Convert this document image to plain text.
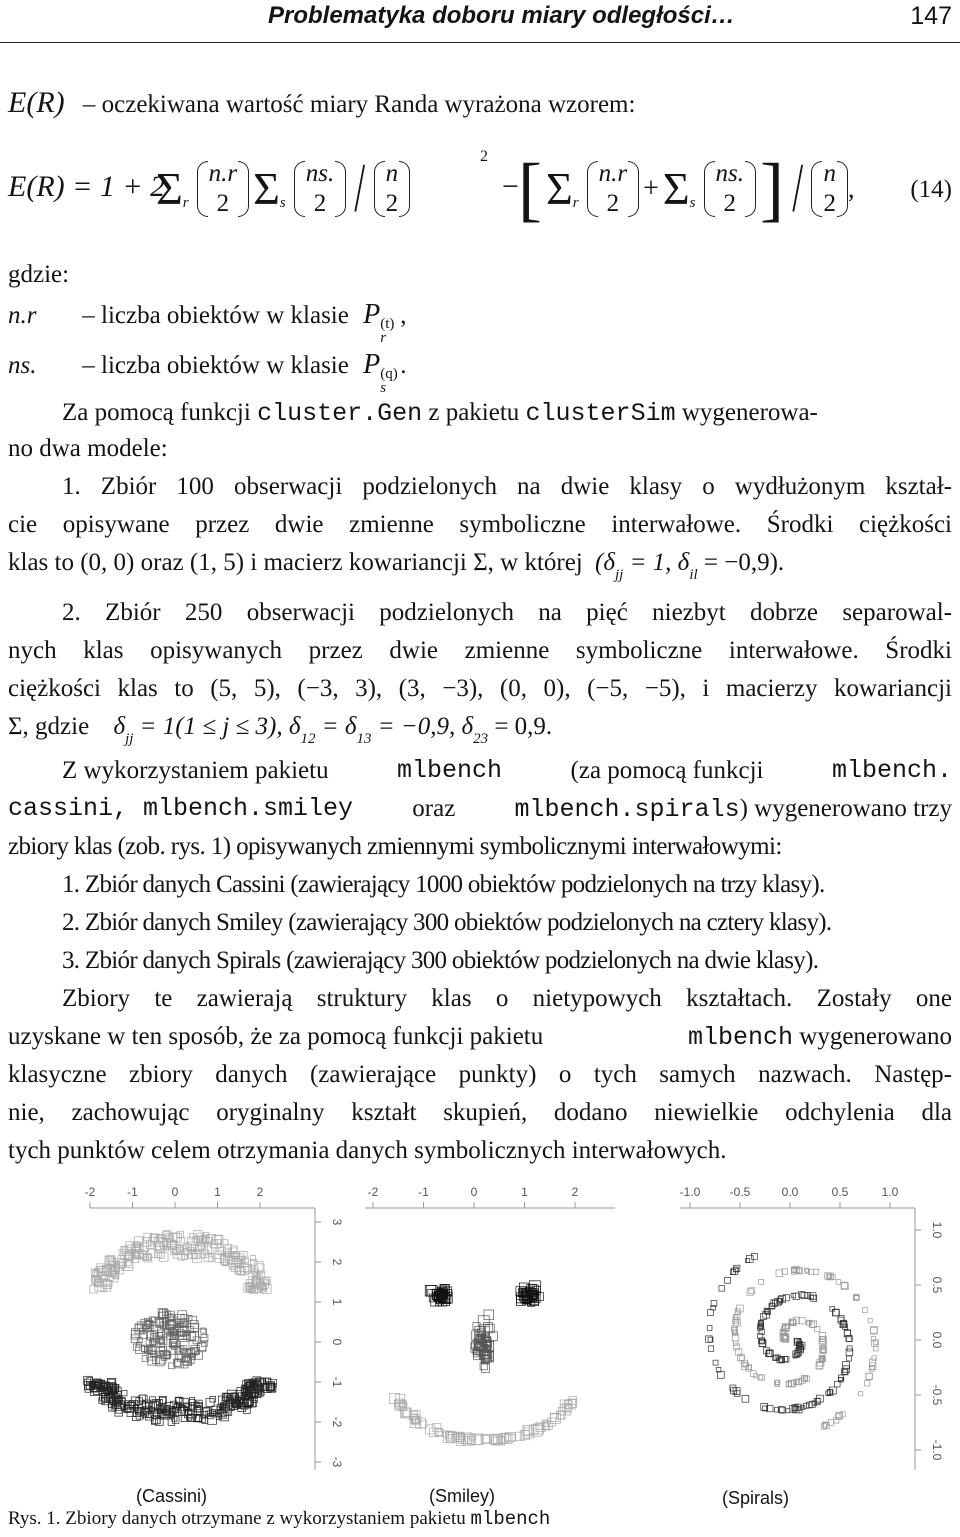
Problematyka doboru miary odległości…	147
E(R) – oczekiwana wartość miary Randa wyrażona wzorem:
E(R) = 1 + 2
Σr
n.r
2 Σs
ns.
2 / n
2
2
− [ Σr
n.r
2 + Σs
ns.
2 ] / n
2
, (14)
gdzie:
n.r – liczba obiektów w klasie P (t)
r
,
ns. – liczba obiektów w klasie P (q)
s
.
Za pomocą funkcji cluster.Gen z pakietu clusterSim wygenerowa-
no dwa modele:
1. Zbiór 100 obserwacji podzielonych na dwie klasy o wydłużonym kształ-
cie opisywane przez dwie zmienne symboliczne interwałowe. Środki ciężkości
klas to (0, 0) oraz (1, 5) i macierz kowariancji Σ, w której ($\delta_{jj} = 1$, $\delta_{il} = -0,9$).
2. Zbiór 250 obserwacji podzielonych na pięć niezbyt dobrze separowal-
nych klas opisywanych przez dwie zmienne symboliczne interwałowe. Środki
ciężkości klas to (5, 5), (−3, 3), (3, −3), (0, 0), (−5, −5), i macierzy kowariancji
Σ, gdzie $\delta_{jj} = 1(1 \le j \le 3)$, $\delta_{12} = \delta_{13} = -0,9$, $\delta_{23} = 0,9$.
Z wykorzystaniem pakietu	mlbench	(za pomocą funkcji	mlbench.
cassini, mlbench.smiley oraz mlbench.spirals) wygenerowano trzy
zbiory klas (zob. rys. 1) opisywanych zmiennymi symbolicznymi interwałowymi:
1. Zbiór danych Cassini (zawierający 1000 obiektów podzielonych na trzy klasy).
2. Zbiór danych Smiley (zawierający 300 obiektów podzielonych na cztery klasy).
3. Zbiór danych Spirals (zawierający 300 obiektów podzielonych na dwie klasy).
Zbiory te zawierają struktury klas o nietypowych kształtach. Zostały one
uzyskane w ten sposób, że za pomocą funkcji pakietu	mlbench wygenerowano
klasyczne zbiory danych (zawierające punkty) o tych samych nazwach. Następ-
nie, zachowując oryginalny kształt skupień, dodano niewielkie odchylenia dla
tych punktów celem otrzymania danych symbolicznych interwałowych.
-2	-1	0	1	2
3
2
1
0
-1
-2
-3
(Cassini)
-2	-1	0	1	2
(Smiley)
-1.0 -0.5	0.0	0.5	1.0
1.0
0.5
0.0
-0.5
-1.0
(Spirals)
Rys. 1. Zbiory danych otrzymane z wykorzystaniem pakietu mlbench
